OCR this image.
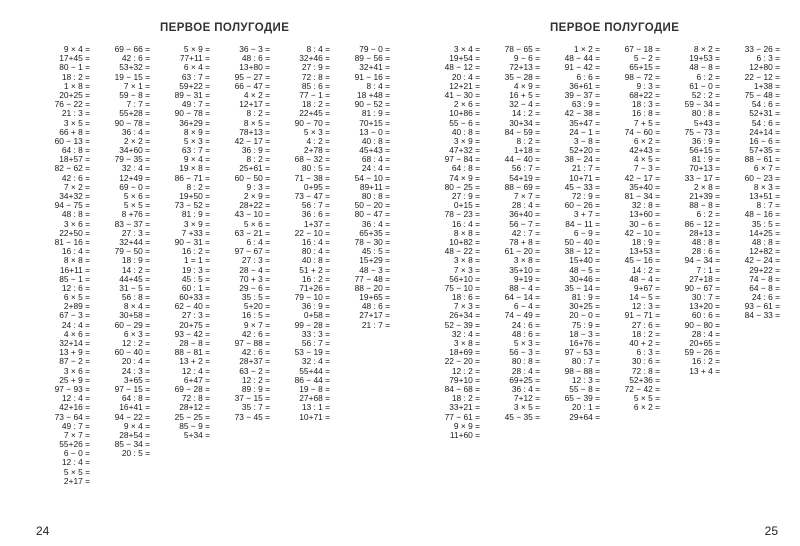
ПЕРВОЕ ПОЛУГОДИЕ	ПЕРВОЕ ПОЛУГОДИЕ
9 × 4 =
17+45 =
80 − 1 =
18 : 2 =
1 × 8 =
20+25 =
76 − 22 =
21 : 3 =
3 × 5 =
66 + 8 =
60 − 13 =
64 : 8 =
18+57 =
82 − 62 =
42 : 6 =
7 × 2 =
34+32 =
94 − 75 =
48 : 8 =
3 × 6 =
22+50 =
81 − 16 =
16 : 4 =
8 × 8 =
16+11 =
85 − 1 =
12 : 6 =
6 × 5 =
2+89 =
67 − 3 =
24 : 4 =
4 × 6 =
32+14 =
13 + 9 =
87 − 2 =
3 × 6 =
25 + 9 =
97 − 93 =
12 : 4 =
42+16 =
73 − 64 =
49 : 7 =
7 × 7 =
55+26 =
6 − 0 =
12 : 4 =
5 × 5 =
2+17 =
69 − 66 =
42 : 6 =
53+32 =
19 − 15 =
7 × 1 =
59 − 8 =
7 : 7 =
55+28 =
90 − 78 =
36 : 4 =
2 × 2 =
34+60 =
79 − 35 =
32 : 4 =
12+49 =
69 − 0 =
5 × 6 =
5 × 5 =
8 +76 =
83 − 37 =
27 : 3 =
32+44 =
79 − 50 =
18 : 9 =
14 : 2 =
44+45 =
31 − 5 =
56 : 8 =
8 × 4 =
30+58 =
60 − 29 =
6 × 3 =
12 : 2 =
60 − 40 =
20 : 4 =
24 : 3 =
3+65 =
97 − 15 =
64 : 8 =
16+41 =
94 − 22 =
9 × 4 =
28+54 =
85 − 34 =
20 : 5 =
5 × 9 =
77+11 =
6 × 4 =
63 : 7 =
59+22 =
89 − 31 =
49 : 7 =
90 − 78 =
36+29 =
8 × 9 =
5 × 3 =
63 : 7 =
9 × 4 =
19 × 8 =
86 − 71 =
8 : 2 =
19+50 =
73 − 52 =
81 : 9 =
3 × 9 =
7 +33 =
90 − 31 =
16 : 2 =
1 = 1 =
19 : 3 =
45 : 5 =
60 : 1 =
60+33 =
62 − 40 =
27 : 3 =
20+75 =
93 − 42 =
28 − 8 =
88 − 81 =
13 + 2 =
12 : 4 =
6+47 =
69 − 28 =
72 : 8 =
28+12 =
25 − 25 =
85 − 9 =
5+34 =
36 − 3 =
48 : 6 =
13+80 =
95 − 27 =
66 − 47 =
4 × 2 =
12+17 =
8 : 2 =
8 × 5 =
78+13 =
42 − 17 =
36 : 9 =
8 : 2 =
25+61 =
60 − 50 =
9 : 3 =
2 × 9 =
28+22 =
43 − 10 =
5 × 6 =
63 − 21 =
6 : 4 =
97 − 67 =
27 : 3 =
28 − 4 =
70 + 3 =
29 − 6 =
35 : 5 =
5+20 =
16 : 5 =
9 × 7 =
42 : 6 =
97 − 88 =
42 : 6 =
28+37 =
63 − 2 =
12 : 2 =
89 : 9 =
37 − 15 =
35 : 7 =
73 − 45 =
8 : 4 =
32+46 =
27 : 9 =
72 : 8 =
85 : 6 =
77 − 1 =
18 : 2 =
22+45 =
90 − 70 =
5 × 3 =
4 : 2 =
2+78 =
68 − 32 =
80 : 5 =
71 − 38 =
0+95 =
73 − 47 =
56 : 7 =
36 : 6 =
1+37 =
22 − 10 =
16 : 4 =
80 : 4 =
40 : 8 =
51 + 2 =
16 : 2 =
71+26 =
79 − 10 =
36 : 9 =
0+58 =
99 − 28 =
33 : 3 =
56 : 7 =
53 − 19 =
32 : 4 =
55+44 =
86 − 44 =
19 − 8 =
27+68 =
13 : 1 =
10+71 =
79 − 0 =
89 − 56 =
32+41 =
91 − 16 =
8 : 4 =
18 +48 =
90 − 52 =
81 : 9 =
70+15 =
13 − 0 =
40 : 8 =
45+43 =
68 : 4 =
24 : 4 =
54 − 10 =
89+11 =
80 : 8 =
50 − 20 =
80 − 47 =
36 : 4 =
65+35 =
78 − 30 =
45 : 5 =
15+29 =
48 − 3 =
77 − 48 =
88 − 20 =
19+65 =
48 : 6 =
27+17 =
21 : 7 =
3 × 4 =
19+54 =
48 − 12 =
20 : 4 =
12+21 =
41 − 30 =
2 × 6 =
10+86 =
55 − 6 =
40 : 8 =
3 × 9 =
47+32 =
97 − 84 =
64 : 8 =
74 × 9 =
80 − 25 =
27 : 9 =
0+15 =
78 − 23 =
16 : 4 =
8 × 8 =
10+82 =
48 − 22 =
3 × 8 =
7 × 3 =
56+10 =
75 − 10 =
18 : 6 =
7 × 3 =
26+34 =
52 − 39 =
32 : 4 =
3 × 8 =
18+69 =
22 − 20 =
12 : 2 =
79+10 =
84 − 68 =
18 : 2 =
33+21 =
77 − 61 =
9 × 9 =
11+60 =
78 − 65 =
9 − 6 =
72+13 =
35 − 28 =
4 × 9 =
16 + 5 =
32 − 4 =
14 : 2 =
30+34 =
84 − 59 =
8 : 2 =
1+18 =
44 − 40 =
56 : 7 =
54+19 =
88 − 69 =
7 × 7 =
28 : 4 =
36+40 =
56 − 7 =
42 : 7 =
78 + 8 =
61 − 20 =
3 × 8 =
35+10 =
9+19 =
88 − 4 =
64 − 14 =
6 − 4 =
74 − 49 =
24 : 6 =
48 : 6 =
5 × 3 =
56 − 3 =
80 : 8 =
28 : 4 =
69+25 =
36 : 4 =
7+12 =
3 × 5 =
45 − 35 =
1 × 2 =
48 − 44 =
91 − 42 =
6 : 6 =
36+61 =
39 − 37 =
63 : 9 =
42 − 38 =
35+47 =
24 − 1 =
3 − 8 =
52+20 =
38 − 24 =
21 : 7 =
10+71 =
45 − 33 =
72 : 9 =
60 − 26 =
3 + 7 =
84 − 11 =
6 − 9 =
50 − 40 =
38 − 12 =
15+40 =
48 − 5 =
30+46 =
35 − 14 =
81 : 9 =
30+25 =
20 − 0 =
75 : 9 =
18 − 3 =
16+76 =
97 − 53 =
80 : 7 =
98 − 88 =
12 : 3 =
55 − 8 =
65 − 39 =
20 : 1 =
29+64 =
67 − 18 =
5 − 2 =
65+15 =
98 − 72 =
9 : 3 =
68+22 =
18 : 3 =
16 : 8 =
7 + 5 =
74 − 60 =
6 × 2 =
42+43 =
4 × 5 =
7 − 3 =
42 − 17 =
35+40 =
81 − 34 =
32 : 8 =
13+60 =
30 − 6 =
42 − 10 =
18 : 9 =
13+53 =
45 − 16 =
14 : 2 =
48 − 4 =
9+67 =
14 − 5 =
12 : 3 =
91 − 71 =
27 : 6 =
18 : 2 =
40 + 2 =
6 : 3 =
30 : 6 =
72 : 8 =
52+36 =
72 − 42 =
5 × 5 =
6 × 2 =
8 × 2 =
19+53 =
48 − 8 =
6 : 2 =
61 − 0 =
52 : 2 =
59 − 34 =
80 : 8 =
5+43 =
75 − 73 =
36 : 9 =
56+15 =
81 : 9 =
70+13 =
33 − 17 =
2 × 8 =
21+39 =
88 − 8 =
6 : 2 =
86 − 12 =
28+13 =
48 : 8 =
28 : 6 =
94 − 34 =
7 : 1 =
27+18 =
90 − 67 =
30 : 7 =
13+20 =
60 : 6 =
90 − 80 =
28 : 4 =
20+65 =
59 − 26 =
16 : 2 =
13 + 4 =
33 − 26 =
6 : 3 =
12+80 =
22 − 12 =
1+38 =
75 − 48 =
54 : 6 =
52+31 =
54 : 6 =
24+14 =
16 − 6 =
57+35 =
88 − 61 =
6 × 7 =
60 − 23 =
8 × 3 =
13+51 =
8 : 7 =
48 − 16 =
35 : 5 =
14+25 =
48 : 8 =
12+82 =
42 − 24 =
29+22 =
74 − 8 =
64 − 8 =
24 : 6 =
93 − 61 =
84 − 33 =
24	25
